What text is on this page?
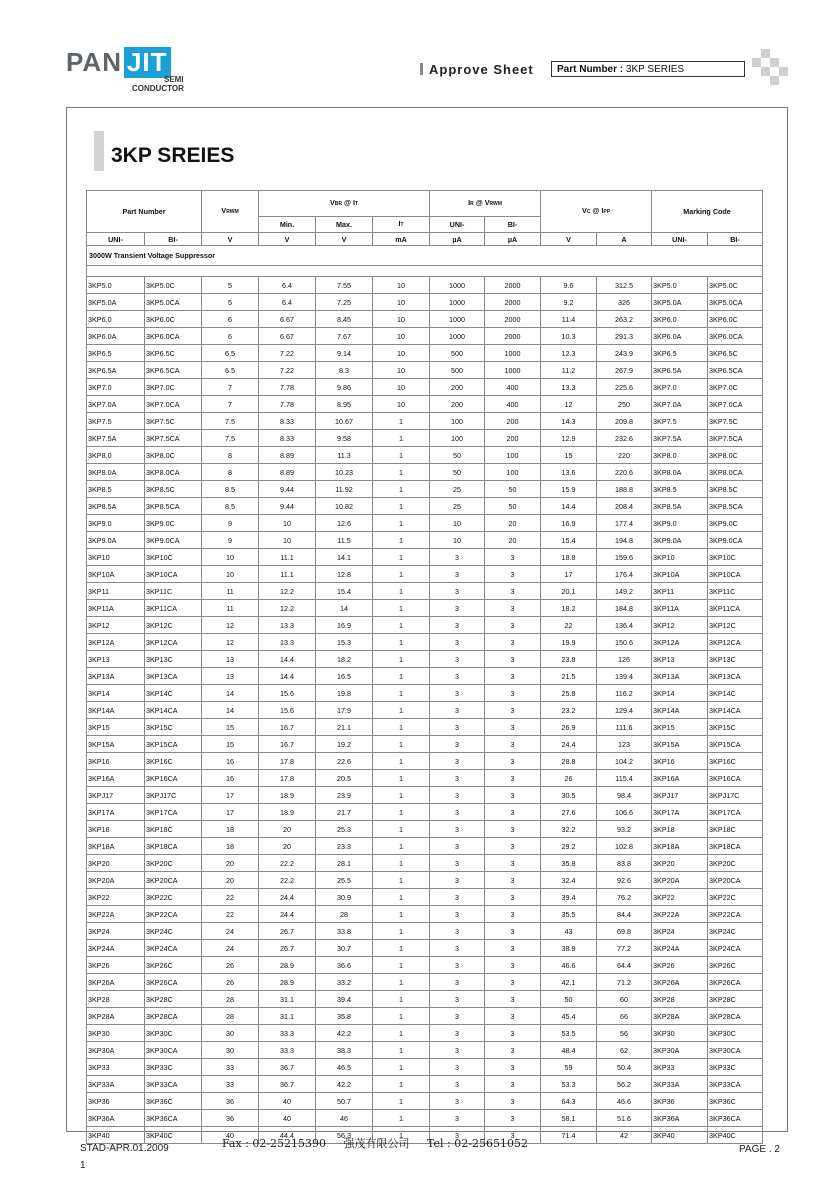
PAN JIT
SEMI
CONDUCTOR
Approve Sheet	Part Number : 3KP SERIES
3KP SREIES
Part Number		VRWM	VBR @ IT			IR @ VRWM		VC @ IPP		Marking Code	
			Min.	Max.	IT	UNI-	BI-				
UNI-	BI-	V	V	V	mA	µA	µA	V	A	UNI-	BI-
3000W Transient Voltage Suppressor											

3KP5.0	3KP5.0C	5	6.4	7.55	10	1000	2000	9.6	312.5	3KP5.0	3KP5.0C
3KP5.0A	3KP5.0CA	5	6.4	7.25	10	1000	2000	9.2	326	3KP5.0A	3KP5.0CA
3KP6.0	3KP6.0C	6	6.67	8.45	10	1000	2000	11.4	263.2	3KP6.0	3KP6.0C
3KP6.0A	3KP6.0CA	6	6.67	7.67	10	1000	2000	10.3	291.3	3KP6.0A	3KP6.0CA
3KP6.5	3KP6.5C	6.5	7.22	9.14	10	500	1000	12.3	243.9	3KP6.5	3KP6.5C
3KP6.5A	3KP6.5CA	6.5	7.22	8.3	10	500	1000	11.2	267.9	3KP6.5A	3KP6.5CA
3KP7.0	3KP7.0C	7	7.78	9.86	10	200	400	13.3	225.6	3KP7.0	3KP7.0C
3KP7.0A	3KP7.0CA	7	7.78	8.95	10	200	400	12	250	3KP7.0A	3KP7.0CA
3KP7.5	3KP7.5C	7.5	8.33	10.67	1	100	200	14.3	209.8	3KP7.5	3KP7.5C
3KP7.5A	3KP7.5CA	7.5	8.33	9.58	1	100	200	12.9	232.6	3KP7.5A	3KP7.5CA
3KP8.0	3KP8.0C	8	8.89	11.3	1	50	100	15	220	3KP8.0	3KP8.0C
3KP8.0A	3KP8.0CA	8	8.89	10.23	1	50	100	13.6	220.6	3KP8.0A	3KP8.0CA
3KP8.5	3KP8.5C	8.5	9.44	11.92	1	25	50	15.9	188.8	3KP8.5	3KP8.5C
3KP8.5A	3KP8.5CA	8.5	9.44	10.82	1	25	50	14.4	208.4	3KP8.5A	3KP8.5CA
3KP9.0	3KP9.0C	9	10	12.6	1	10	20	16.9	177.4	3KP9.0	3KP9.0C
3KP9.0A	3KP9.0CA	9	10	11.5	1	10	20	15.4	194.8	3KP9.0A	3KP9.0CA
3KP10	3KP10C	10	11.1	14.1	1	3	3	18.8	159.6	3KP10	3KP10C
3KP10A	3KP10CA	10	11.1	12.8	1	3	3	17	176.4	3KP10A	3KP10CA
3KP11	3KP11C	11	12.2	15.4	1	3	3	20.1	149.2	3KP11	3KP11C
3KP11A	3KP11CA	11	12.2	14	1	3	3	18.2	184.8	3KP11A	3KP11CA
3KP12	3KP12C	12	13.3	16.9	1	3	3	22	136.4	3KP12	3KP12C
3KP12A	3KP12CA	12	13.3	15.3	1	3	3	19.9	150.6	3KP12A	3KP12CA
3KP13	3KP13C	13	14.4	18.2	1	3	3	23.8	126	3KP13	3KP13C
3KP13A	3KP13CA	13	14.4	16.5	1	3	3	21.5	139.4	3KP13A	3KP13CA
3KP14	3KP14C	14	15.6	19.8	1	3	3	25.8	116.2	3KP14	3KP14C
3KP14A	3KP14CA	14	15.6	17.9	1	3	3	23.2	129.4	3KP14A	3KP14CA
3KP15	3KP15C	15	16.7	21.1	1	3	3	26.9	111.6	3KP15	3KP15C
3KP15A	3KP15CA	15	16.7	19.2	1	3	3	24.4	123	3KP15A	3KP15CA
3KP16	3KP16C	16	17.8	22.6	1	3	3	28.8	104.2	3KP16	3KP16C
3KP16A	3KP16CA	16	17.8	20.5	1	3	3	26	115.4	3KP16A	3KP16CA
3KPJ17	3KPJ17C	17	18.9	23.9	1	3	3	30.5	98.4	3KPJ17	3KPJ17C
3KP17A	3KP17CA	17	18.9	21.7	1	3	3	27.6	106.6	3KP17A	3KP17CA
3KP18	3KP18C	18	20	25.3	1	3	3	32.2	93.2	3KP18	3KP18C
3KP18A	3KP18CA	18	20	23.3	1	3	3	29.2	102.8	3KP18A	3KP18CA
3KP20	3KP20C	20	22.2	28.1	1	3	3	35.8	83.8	3KP20	3KP20C
3KP20A	3KP20CA	20	22.2	25.5	1	3	3	32.4	92.6	3KP20A	3KP20CA
3KP22	3KP22C	22	24.4	30.9	1	3	3	39.4	76.2	3KP22	3KP22C
3KP22A	3KP22CA	22	24.4	28	1	3	3	35.5	84.4	3KP22A	3KP22CA
3KP24	3KP24C	24	26.7	33.8	1	3	3	43	69.8	3KP24	3KP24C
3KP24A	3KP24CA	24	26.7	30.7	1	3	3	38.9	77.2	3KP24A	3KP24CA
3KP26	3KP26C	26	28.9	36.6	1	3	3	46.6	64.4	3KP26	3KP26C
3KP26A	3KP26CA	26	28.9	33.2	1	3	3	42.1	71.2	3KP26A	3KP26CA
3KP28	3KP28C	28	31.1	39.4	1	3	3	50	60	3KP28	3KP28C
3KP28A	3KP28CA	28	31.1	35.8	1	3	3	45.4	66	3KP28A	3KP28CA
3KP30	3KP30C	30	33.3	42.2	1	3	3	53.5	56	3KP30	3KP30C
3KP30A	3KP30CA	30	33.3	38.3	1	3	3	48.4	62	3KP30A	3KP30CA
3KP33	3KP33C	33	36.7	46.5	1	3	3	59	50.4	3KP33	3KP33C
3KP33A	3KP33CA	33	36.7	42.2	1	3	3	53.3	56.2	3KP33A	3KP33CA
3KP36	3KP36C	36	40	50.7	1	3	3	64.3	46.6	3KP36	3KP36C
3KP36A	3KP36CA	36	40	46	1	3	3	58.1	51.6	3KP36A	3KP36CA
3KP40	3KP40C	40	44.4	56.3	1	3	3	71.4	42	3KP40	3KP40C
STAD-APR.01.2009	Fax : 02-25215390 强茂有限公司 Tel : 02-25651052	PAGE . 2
1
